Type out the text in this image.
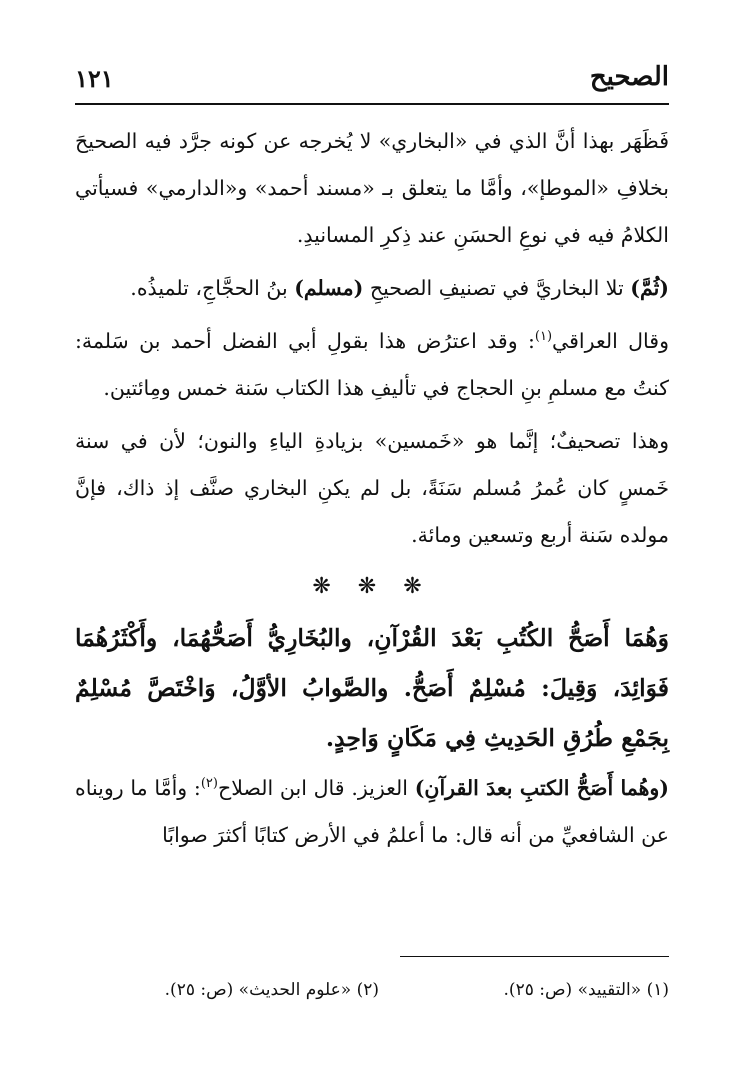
الصحيح
١٢١

فَظَهَر بهذا أنَّ الذي في «البخاري» لا يُخرجه عن كونه جرَّد فيه الصحيحَ بخلافِ «الموطإ»، وأمَّا ما يتعلق بـ «مسند أحمد» و«الدارمي» فسيأتي الكلامُ فيه في نوعِ الحسَنِ عند ذِكرِ المسانيدِ.

(ثُمَّ) تلا البخاريَّ في تصنيفِ الصحيحِ (مسلم) بنُ الحجَّاجِ، تلميذُه.

وقال العراقي$^{(١)}$: وقد اعترُض هذا بقولِ أبي الفضل أحمد بن سَلمة: كنتُ مع مسلمِ بنِ الحجاج في تأليفِ هذا الكتاب سَنة خمس ومِائتين.

وهذا تصحيفٌ؛ إنَّما هو «خَمسين» بزيادةِ الياءِ والنون؛ لأن في سنة خَمسٍ كان عُمرُ مُسلم سَنَةً، بل لم يكنِ البخاري صنَّف إذ ذاك، فإنَّ مولده سَنة أربع وتسعين ومائة.

❋ ❋ ❋

وَهُمَا أَصَحُّ الكُتُبِ بَعْدَ القُرْآنِ، والبُخَارِيُّ أَصَحُّهُمَا، وأَكْثَرُهُمَا فَوَائِدَ، وَقِيلَ: مُسْلِمٌ أَصَحُّ. والصَّوابُ الأوَّلُ، وَاخْتَصَّ مُسْلِمٌ بِجَمْعِ طُرُقِ الحَدِيثِ فِي مَكَانٍ وَاحِدٍ.

(وهُما أَصَحُّ الكتبِ بعدَ القرآنِ) العزيز. قال ابن الصلاح$^{(٢)}$: وأمَّا ما رويناه عن الشافعيِّ من أنه قال: ما أعلمُ في الأرض كتابًا أكثرَ صوابًا

(١) «التقييد» (ص: ٢٥).(٢) «علوم الحديث» (ص: ٢٥).
